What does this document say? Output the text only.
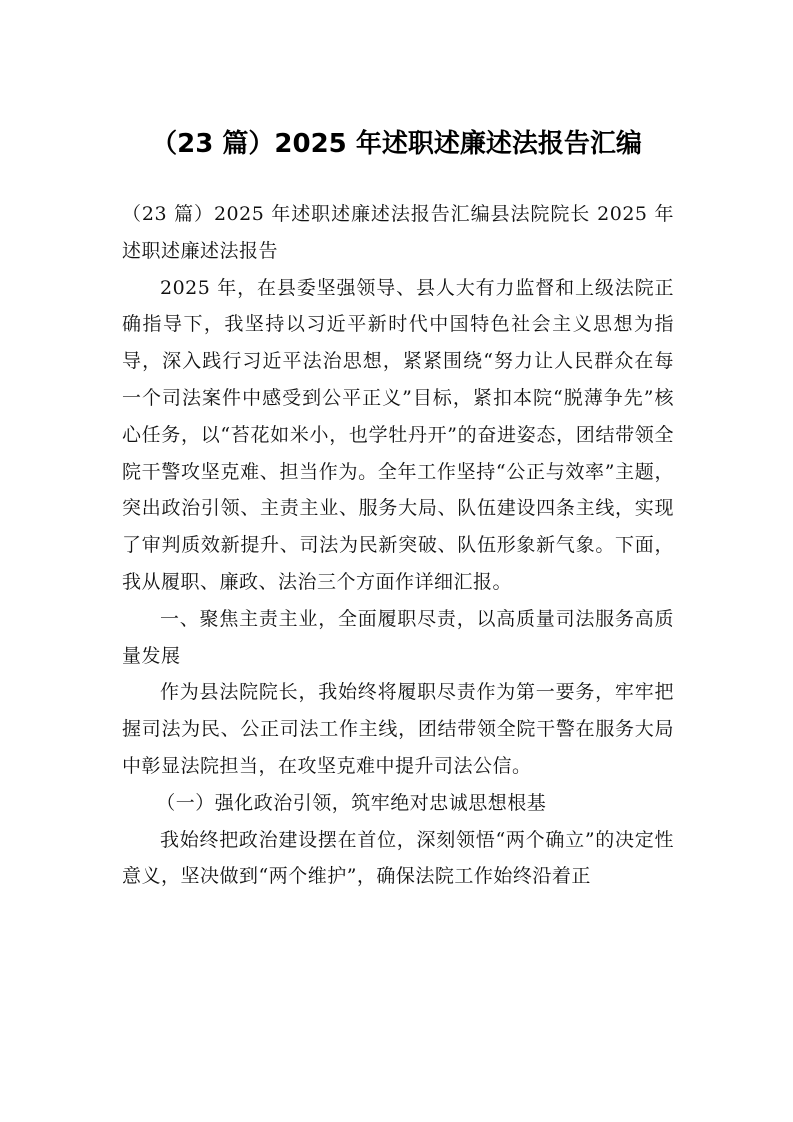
（23 篇）2025 年述职述廉述法报告汇编

（23 篇）2025 年述职述廉述法报告汇编县法院院长 2025 年述职述廉述法报告

2025 年，在县委坚强领导、县人大有力监督和上级法院正确指导下，我坚持以习近平新时代中国特色社会主义思想为指导，深入践行习近平法治思想，紧紧围绕“努力让人民群众在每一个司法案件中感受到公平正义”目标，紧扣本院“脱薄争先”核心任务，以“苔花如米小，也学牡丹开”的奋进姿态，团结带领全院干警攻坚克难、担当作为。全年工作坚持“公正与效率”主题，突出政治引领、主责主业、服务大局、队伍建设四条主线，实现了审判质效新提升、司法为民新突破、队伍形象新气象。下面，我从履职、廉政、法治三个方面作详细汇报。

一、聚焦主责主业，全面履职尽责，以高质量司法服务高质量发展

作为县法院院长，我始终将履职尽责作为第一要务，牢牢把握司法为民、公正司法工作主线，团结带领全院干警在服务大局中彰显法院担当，在攻坚克难中提升司法公信。

（一）强化政治引领，筑牢绝对忠诚思想根基

我始终把政治建设摆在首位，深刻领悟“两个确立”的决定性意义，坚决做到“两个维护”，确保法院工作始终沿着正
